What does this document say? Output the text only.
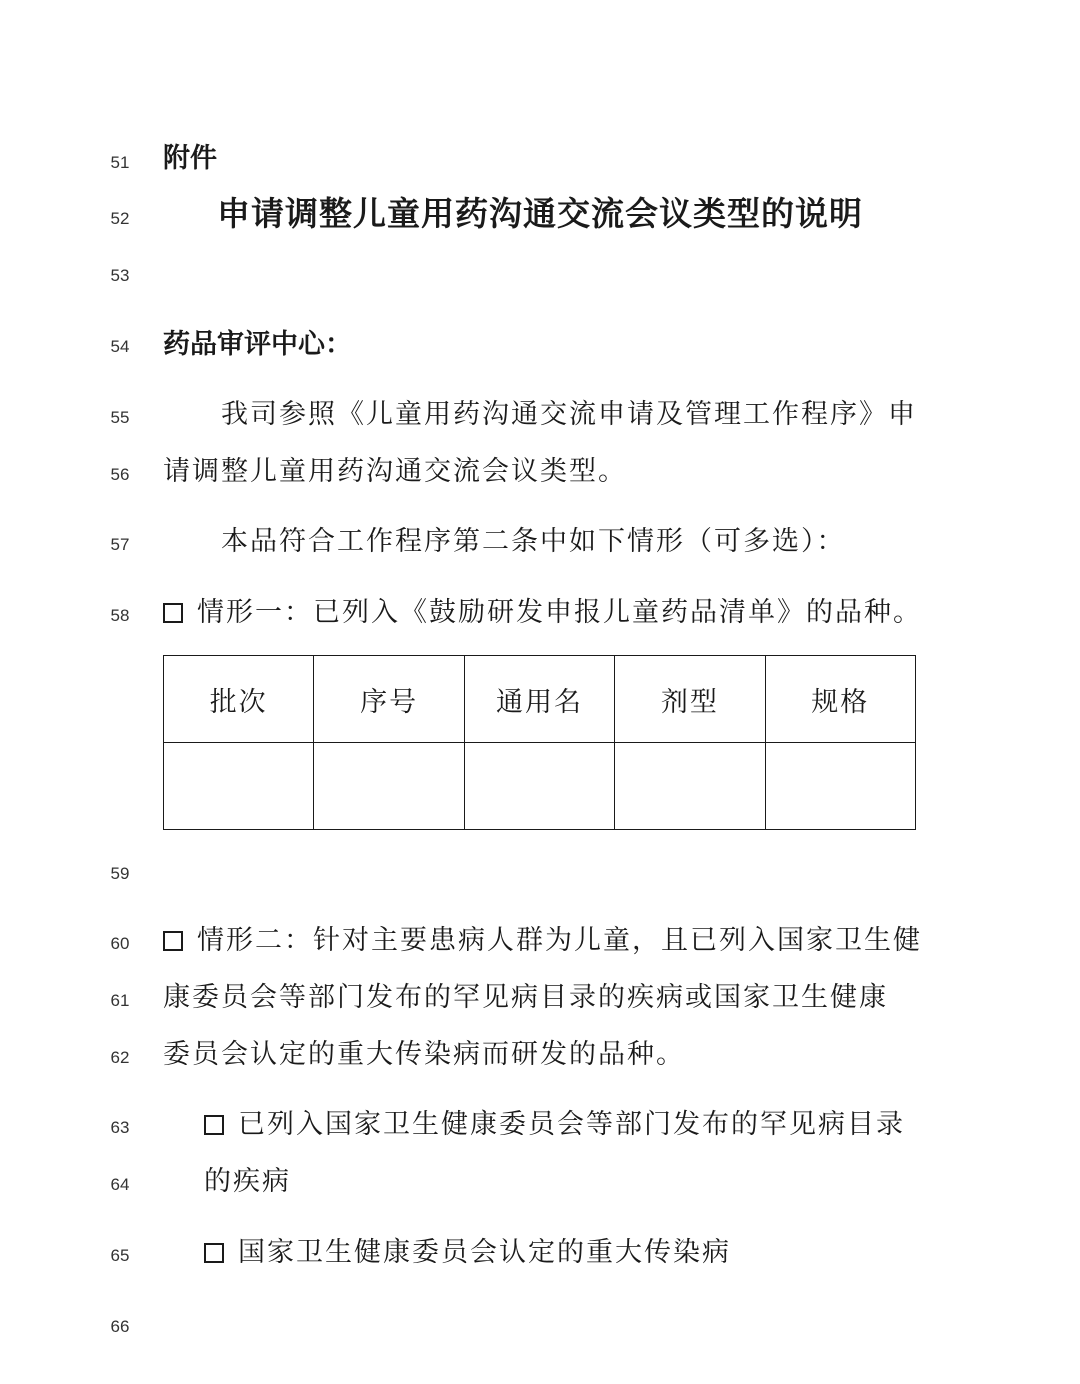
51
52
53
54
55
56
57
58
59
60
61
62
63
64
65
66
附件
申请调整儿童用药沟通交流会议类型的说明
药品审评中心：
我司参照《儿童用药沟通交流申请及管理工作程序》申
请调整儿童用药沟通交流会议类型。
本品符合工作程序第二条中如下情形（可多选）：
情形一：已列入《鼓励研发申报儿童药品清单》的品种。
批次	序号	通用名	剂型	规格

情形二：针对主要患病人群为儿童，且已列入国家卫生健
康委员会等部门发布的罕见病目录的疾病或国家卫生健康
委员会认定的重大传染病而研发的品种。
已列入国家卫生健康委员会等部门发布的罕见病目录
的疾病
国家卫生健康委员会认定的重大传染病
